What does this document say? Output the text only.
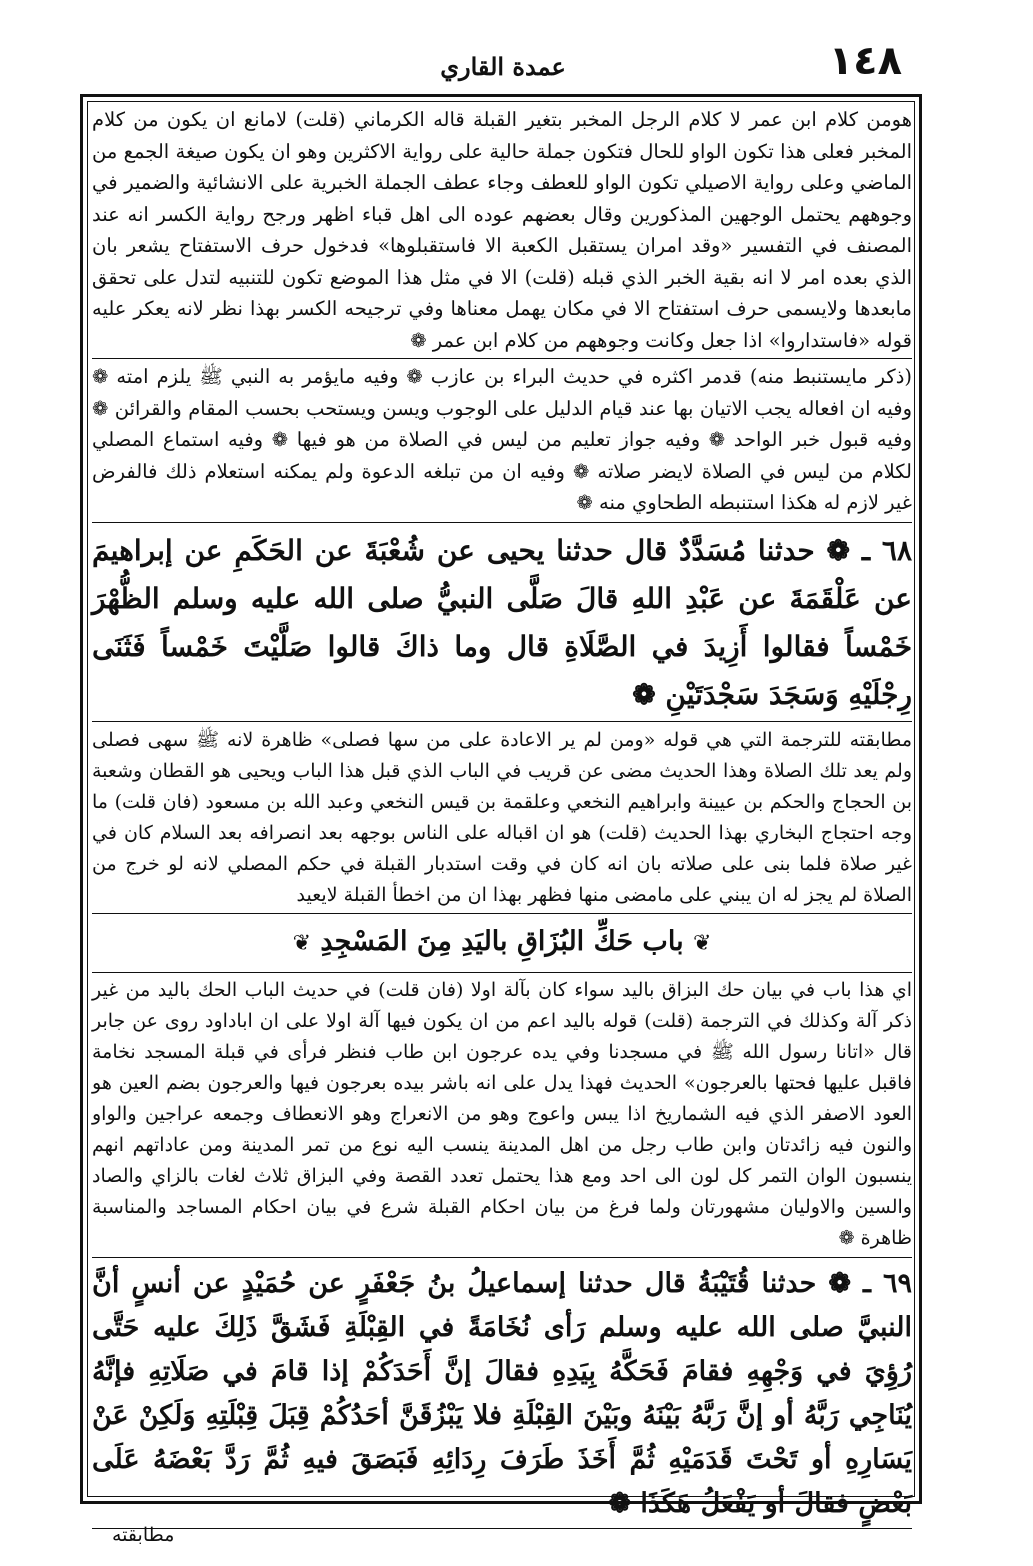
١٤٨
عمدة القاري

هومن كلام ابن عمر لا كلام الرجل المخبر بتغير القبلة قاله الكرماني (قلت) لامانع ان يكون من كلام المخبر فعلى هذا تكون الواو للحال فتكون جملة حالية على رواية الاكثرين وهو ان يكون صيغة الجمع من الماضي وعلى رواية الاصيلي تكون الواو للعطف وجاء عطف الجملة الخبرية على الانشائية والضمير في وجوههم يحتمل الوجهين المذكورين وقال بعضهم عوده الى اهل قباء اظهر ورجح رواية الكسر انه عند المصنف في التفسير «وقد امران يستقبل الكعبة الا فاستقبلوها» فدخول حرف الاستفتاح يشعر بان الذي بعده امر لا انه بقية الخبر الذي قبله (قلت) الا في مثل هذا الموضع تكون للتنبيه لتدل على تحقق مابعدها ولايسمى حرف استفتاح الا في مكان يهمل معناها وفي ترجيحه الكسر بهذا نظر لانه يعكر عليه قوله «فاستداروا» اذا جعل وكانت وجوههم من كلام ابن عمر ❁

(ذكر مايستنبط منه) قدمر اكثره في حديث البراء بن عازب ❁ وفيه مايؤمر به النبي ﷺ يلزم امته ❁ وفيه ان افعاله يجب الاتيان بها عند قيام الدليل على الوجوب ويسن ويستحب بحسب المقام والقرائن ❁ وفيه قبول خبر الواحد ❁ وفيه جواز تعليم من ليس في الصلاة من هو فيها ❁ وفيه استماع المصلي لكلام من ليس في الصلاة لايضر صلاته ❁ وفيه ان من تبلغه الدعوة ولم يمكنه استعلام ذلك فالفرض غير لازم له هكذا استنبطه الطحاوي منه ❁

٦٨ ـ ❁ حدثنا مُسَدَّدٌ قال حدثنا يحيى عن شُعْبَةَ عن الحَكَمِ عن إبراهيمَ عن عَلْقَمَةَ عن عَبْدِ اللهِ قالَ صَلَّى النبيُّ صلى الله عليه وسلم الظُّهْرَ خَمْساً فقالوا أَزِيدَ في الصَّلَاةِ قال وما ذاكَ قالوا صَلَّيْتَ خَمْساً فَثَنَى رِجْلَيْهِ وَسَجَدَ سَجْدَتَيْنِ ❁

مطابقته للترجمة التي هي قوله «ومن لم ير الاعادة على من سها فصلى» ظاهرة لانه ﷺ سهى فصلى ولم يعد تلك الصلاة وهذا الحديث مضى عن قريب في الباب الذي قبل هذا الباب ويحيى هو القطان وشعبة بن الحجاج والحكم بن عيينة وابراهيم النخعي وعلقمة بن قيس النخعي وعبد الله بن مسعود (فان قلت) ما وجه احتجاج البخاري بهذا الحديث (قلت) هو ان اقباله على الناس بوجهه بعد انصرافه بعد السلام كان في غير صلاة فلما بنى على صلاته بان انه كان في وقت استدبار القبلة في حكم المصلي لانه لو خرج من الصلاة لم يجز له ان يبني على مامضى منها فظهر بهذا ان من اخطأ القبلة لايعيد

❦ باب حَكِّ البُزَاقِ باليَدِ مِنَ المَسْجِدِ ❦

اي هذا باب في بيان حك البزاق باليد سواء كان بآلة اولا (فان قلت) في حديث الباب الحك باليد من غير ذكر آلة وكذلك في الترجمة (قلت) قوله باليد اعم من ان يكون فيها آلة اولا على ان اباداود روى عن جابر قال «اتانا رسول الله ﷺ في مسجدنا وفي يده عرجون ابن طاب فنظر فرأى في قبلة المسجد نخامة فاقبل عليها فحتها بالعرجون» الحديث فهذا يدل على انه باشر بيده بعرجون فيها والعرجون بضم العين هو العود الاصفر الذي فيه الشماريخ اذا يبس واعوج وهو من الانعراج وهو الانعطاف وجمعه عراجين والواو والنون فيه زائدتان وابن طاب رجل من اهل المدينة ينسب اليه نوع من تمر المدينة ومن عاداتهم انهم ينسبون الوان التمر كل لون الى احد ومع هذا يحتمل تعدد القصة وفي البزاق ثلاث لغات بالزاي والصاد والسين والاوليان مشهورتان ولما فرغ من بيان احكام القبلة شرع في بيان احكام المساجد والمناسبة ظاهرة ❁

٦٩ ـ ❁ حدثنا قُتَيْبَةُ قال حدثنا إسماعيلُ بنُ جَعْفَرٍ عن حُمَيْدٍ عن أنسٍ أنَّ النبيَّ صلى الله عليه وسلم رَأى نُخَامَةً في القِبْلَةِ فَشَقَّ ذَلِكَ عليه حَتَّى رُؤِيَ في وَجْهِهِ فقامَ فَحَكَّهُ بِيَدِهِ فقالَ إنَّ أَحَدَكُمْ إذا قامَ في صَلَاتِهِ فإنَّهُ يُنَاجِي رَبَّهُ أو إنَّ رَبَّهُ بَيْنَهُ وبَيْنَ القِبْلَةِ فلا يَبْزُقَنَّ أحَدُكُمْ قِبَلَ قِبْلَتِهِ وَلَكِنْ عَنْ يَسَارِهِ أو تَحْتَ قَدَمَيْهِ ثُمَّ أَخَذَ طَرَفَ رِدَائِهِ فَبَصَقَ فيهِ ثُمَّ رَدَّ بَعْضَهُ عَلَى بَعْضٍ فقالَ أو يَفْعَلُ هَكَذَا ❁

مطابقته
